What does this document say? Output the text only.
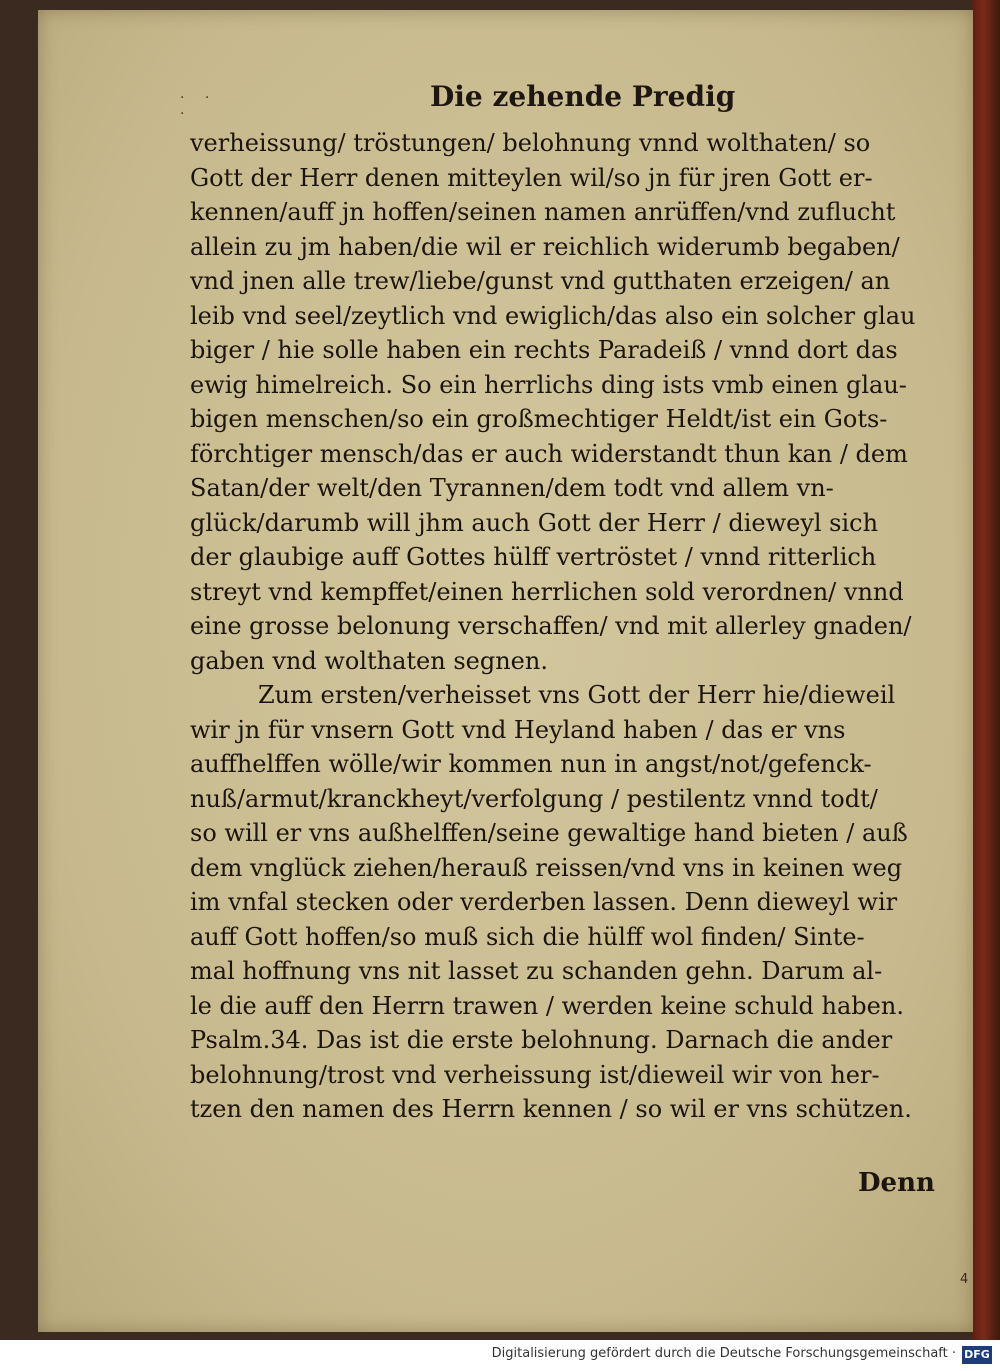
· · ·
Die zehende Predig
verheissung/ tröstungen/ belohnung vnnd wolthaten/ so
Gott der Herr denen mitteylen wil/so jn für jren Gott er-
kennen/auff jn hoffen/seinen namen anrüffen/vnd zuflucht
allein zu jm haben/die wil er reichlich widerumb begaben/
vnd jnen alle trew/liebe/gunst vnd gutthaten erzeigen/ an
leib vnd seel/zeytlich vnd ewiglich/das also ein solcher glau
biger / hie solle haben ein rechts Paradeiß / vnnd dort das
ewig himelreich. So ein herrlichs ding ists vmb einen glau-
bigen menschen/so ein großmechtiger Heldt/ist ein Gots-
förchtiger mensch/das er auch widerstandt thun kan / dem
Satan/der welt/den Tyrannen/dem todt vnd allem vn-
glück/darumb will jhm auch Gott der Herr / dieweyl sich
der glaubige auff Gottes hülff vertröstet / vnnd ritterlich
streyt vnd kempffet/einen herrlichen sold verordnen/ vnnd
eine grosse belonung verschaffen/ vnd mit allerley gnaden/
gaben vnd wolthaten segnen.
Zum ersten/verheisset vns Gott der Herr hie/dieweil
wir jn für vnsern Gott vnd Heyland haben / das er vns
auffhelffen wölle/wir kommen nun in angst/not/gefenck-
nuß/armut/kranckheyt/verfolgung / pestilentz vnnd todt/
so will er vns außhelffen/seine gewaltige hand bieten / auß
dem vnglück ziehen/herauß reissen/vnd vns in keinen weg
im vnfal stecken oder verderben lassen. Denn dieweyl wir
auff Gott hoffen/so muß sich die hülff wol finden/ Sinte-
mal hoffnung vns nit lasset zu schanden gehn. Darum al-
le die auff den Herrn trawen / werden keine schuld haben.
Psalm.34. Das ist die erste belohnung. Darnach die ander
belohnung/trost vnd verheissung ist/dieweil wir von her-
tzen den namen des Herrn kennen / so wil er vns schützen.
Denn
4
Digitalisierung gefördert durch die Deutsche Forschungsgemeinschaft · DFG
